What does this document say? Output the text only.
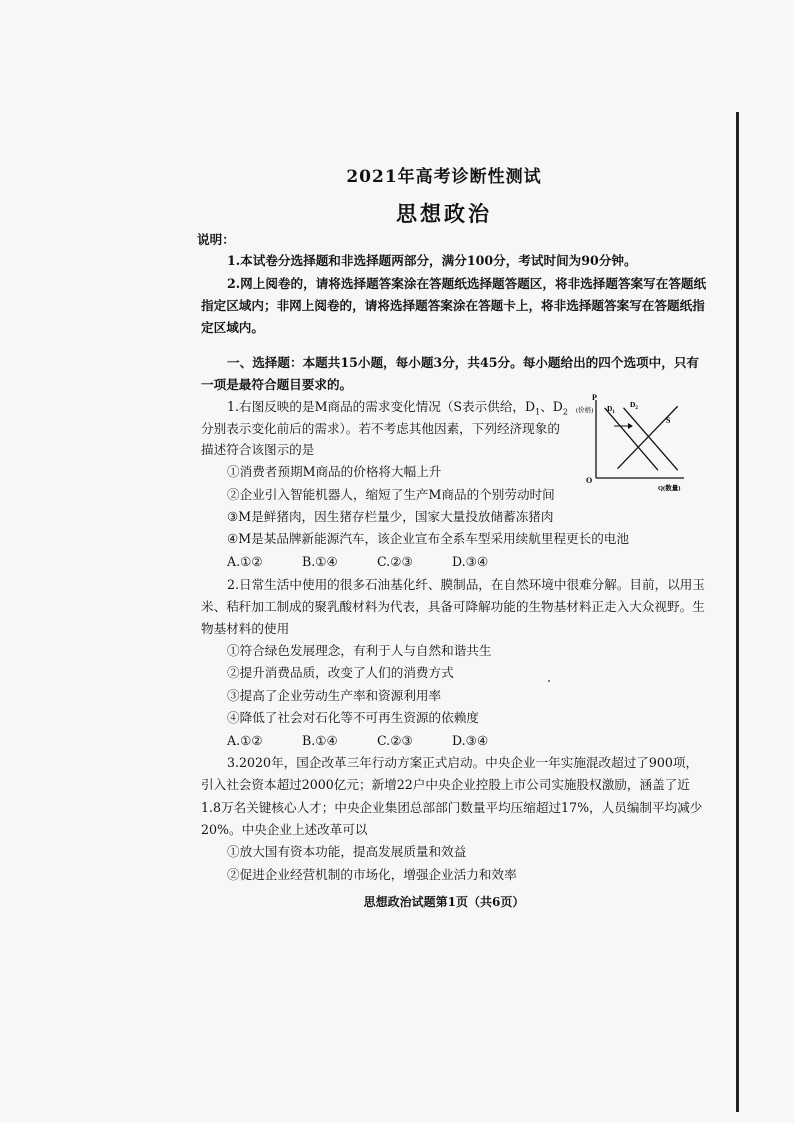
2021年高考诊断性测试
思想政治
说明：
1.本试卷分选择题和非选择题两部分，满分100分，考试时间为90分钟。
2.网上阅卷的，请将选择题答案涂在答题纸选择题答题区，将非选择题答案写在答题纸
指定区域内；非网上阅卷的，请将选择题答案涂在答题卡上，将非选择题答案写在答题纸指
定区域内。
一、选择题：本题共15小题，每小题3分，共45分。每小题给出的四个选项中，只有
一项是最符合题目要求的。
1.右图反映的是M商品的需求变化情况（S表示供给，$D_1$、$D_2$
分别表示变化前后的需求）。若不考虑其他因素，下列经济现象的
描述符合该图示的是
①消费者预期M商品的价格将大幅上升
②企业引入智能机器人，缩短了生产M商品的个别劳动时间
③M是鲜猪肉，因生猪存栏量少，国家大量投放储蓄冻猪肉
④M是某品牌新能源汽车，该企业宣布全系车型采用续航里程更长的电池
A.①②	B.①④	C.②③	D.③④
2.日常生活中使用的很多石油基化纤、膜制品，在自然环境中很难分解。目前，以用玉
米、秸秆加工制成的聚乳酸材料为代表，具备可降解功能的生物基材料正走入大众视野。生
物基材料的使用
①符合绿色发展理念，有利于人与自然和谐共生
②提升消费品质，改变了人们的消费方式
③提高了企业劳动生产率和资源利用率
④降低了社会对石化等不可再生资源的依赖度
A.①②	B.①④	C.②③	D.③④
3.2020年，国企改革三年行动方案正式启动。中央企业一年实施混改超过了900项，
引入社会资本超过2000亿元；新增22户中央企业控股上市公司实施股权激励，涵盖了近
1.8万名关键核心人才；中央企业集团总部部门数量平均压缩超过17%，人员编制平均减少
20%。中央企业上述改革可以
①放大国有资本功能，提高发展质量和效益
②促进企业经营机制的市场化，增强企业活力和效率
P
(价格)
O
Q(数量)
S
$D_1$
$D_2$
思想政治试题第1页（共6页）
